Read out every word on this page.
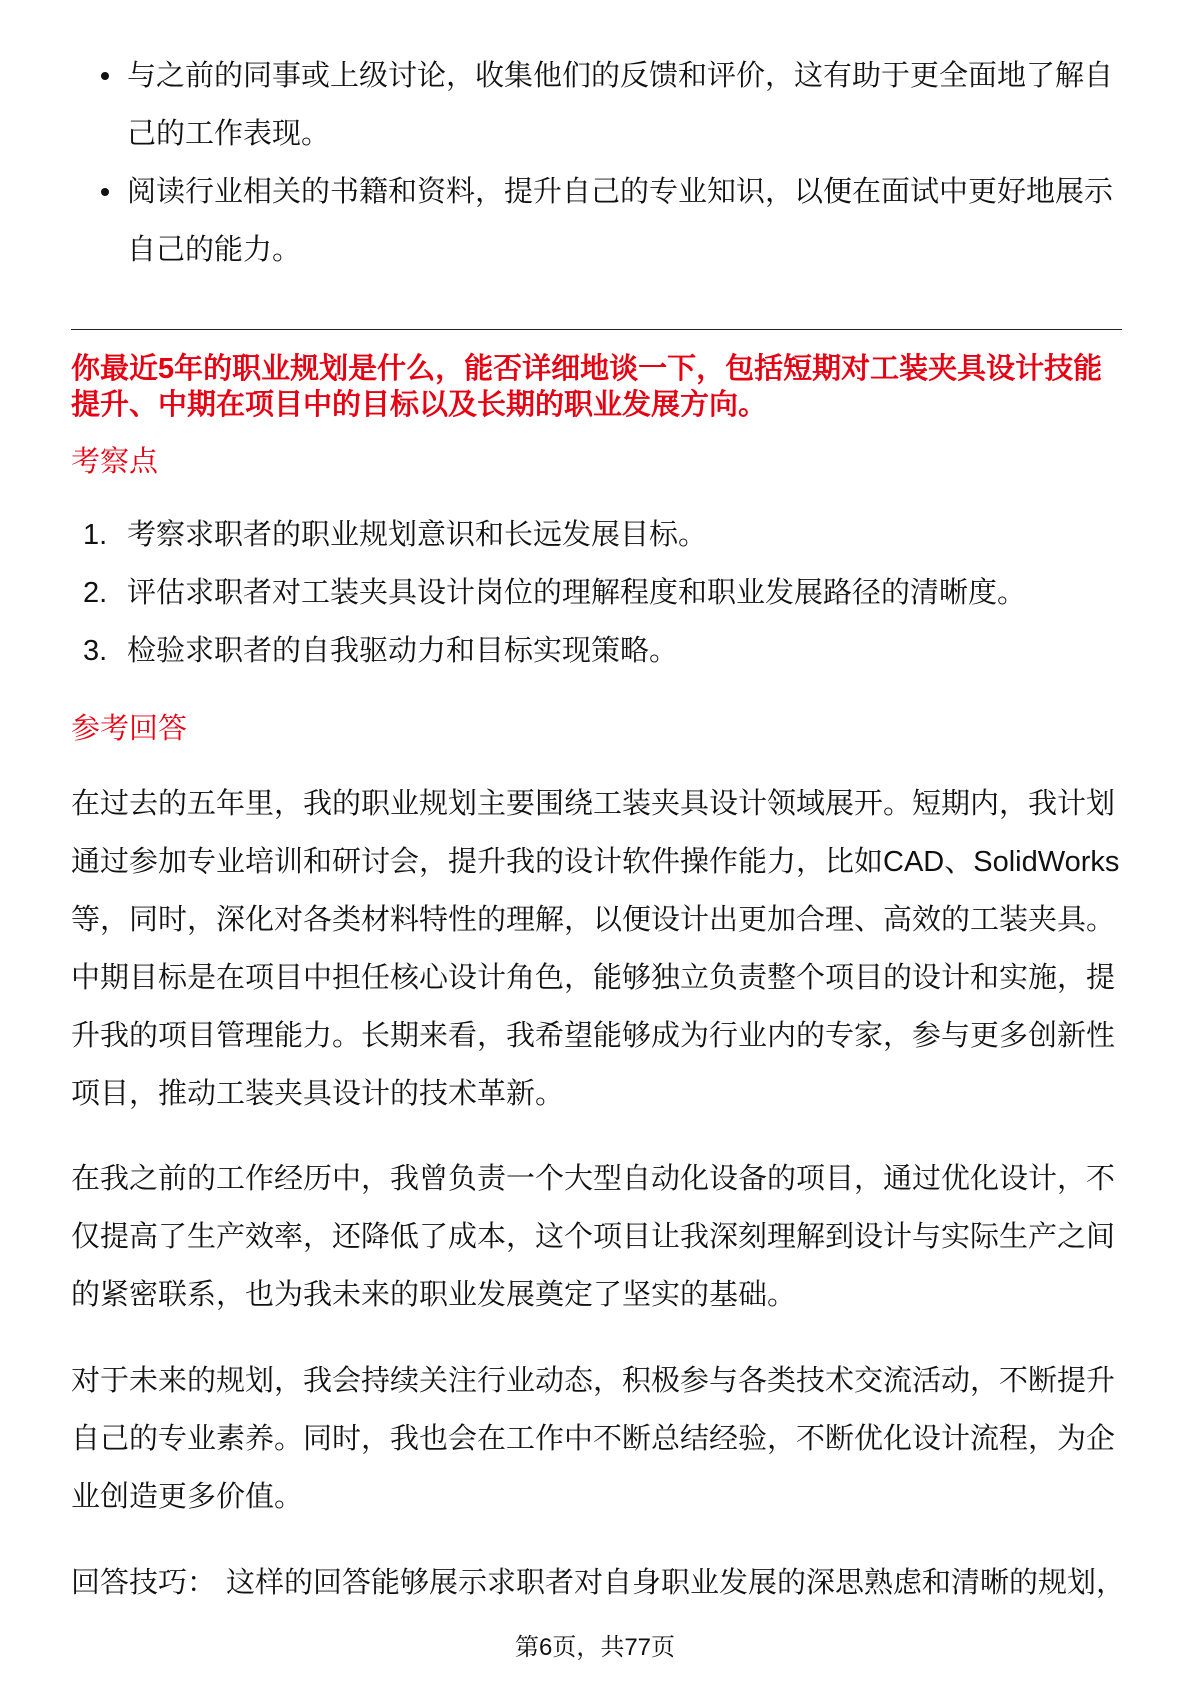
与之前的同事或上级讨论，收集他们的反馈和评价，这有助于更全面地了解自
己的工作表现。
阅读行业相关的书籍和资料，提升自己的专业知识，以便在面试中更好地展示
自己的能力。
你最近5年的职业规划是什么，能否详细地谈一下，包括短期对工装夹具设计技能
提升、中期在项目中的目标以及长期的职业发展方向。
考察点
1. 考察求职者的职业规划意识和长远发展目标。
2. 评估求职者对工装夹具设计岗位的理解程度和职业发展路径的清晰度。
3. 检验求职者的自我驱动力和目标实现策略。
参考回答
在过去的五年里，我的职业规划主要围绕工装夹具设计领域展开。短期内，我计划
通过参加专业培训和研讨会，提升我的设计软件操作能力，比如CAD、SolidWorks
等，同时，深化对各类材料特性的理解，以便设计出更加合理、高效的工装夹具。
中期目标是在项目中担任核心设计角色，能够独立负责整个项目的设计和实施，提
升我的项目管理能力。长期来看，我希望能够成为行业内的专家，参与更多创新性
项目，推动工装夹具设计的技术革新。
在我之前的工作经历中，我曾负责一个大型自动化设备的项目，通过优化设计，不
仅提高了生产效率，还降低了成本，这个项目让我深刻理解到设计与实际生产之间
的紧密联系，也为我未来的职业发展奠定了坚实的基础。
对于未来的规划，我会持续关注行业动态，积极参与各类技术交流活动，不断提升
自己的专业素养。同时，我也会在工作中不断总结经验，不断优化设计流程，为企
业创造更多价值。
回答技巧： 这样的回答能够展示求职者对自身职业发展的深思熟虑和清晰的规划，
第6页，共77页
